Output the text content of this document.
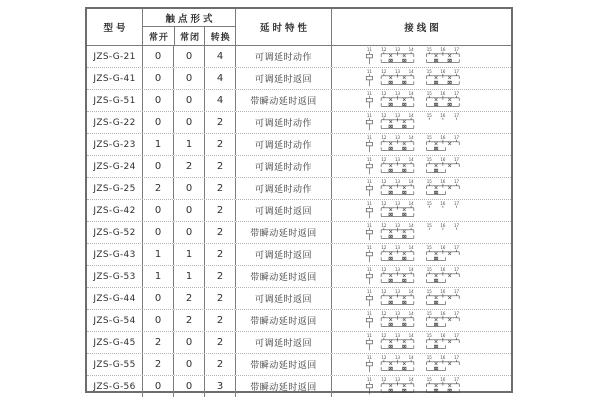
型号
触点形式
常开	常闭	转换
延时特性	接线图
JZS-G-21	0	0	4	可调延时动作
11 12 13 14	15 16 17
JZS-G-41	0	0	4	可调延时返回
11 12 13 14	15 16 17
JZS-G-51	0	0	4	带瞬动延时返回
11 12 13 14	15 16 17
JZS-G-22	0	0	2	可调延时动作
11 12 13 14	15 16 17
JZS-G-23	1	1	2	可调延时动作
11 12 13 14	15 16 17
JZS-G-24	0	2	2	可调延时动作
11 12 13 14	15 16 17
JZS-G-25	2	0	2	可调延时动作
11 12 13 14	15 16 17
JZS-G-42	0	0	2	可调延时返回
11 12 13 14	15 16 17
JZS-G-52	0	0	2	带瞬动延时返回
11 12 13 14	15 16 17
JZS-G-43	1	1	2	可调延时返回
11 12 13 14	15 16 17
JZS-G-53	1	1	2	带瞬动延时返回
11 12 13 14	15 16 17
JZS-G-44	0	2	2	可调延时返回
11 12 13 14	15 16 17
JZS-G-54	0	2	2	带瞬动延时返回
11 12 13 14	15 16 17
JZS-G-45	2	0	2	可调延时返回
11 12 13 14	15 16 17
JZS-G-55	2	0	2	带瞬动延时返回
11 12 13 14	15 16 17
JZS-G-56	0	0	3	带瞬动延时返回
11 12 13 14	15 16 17
